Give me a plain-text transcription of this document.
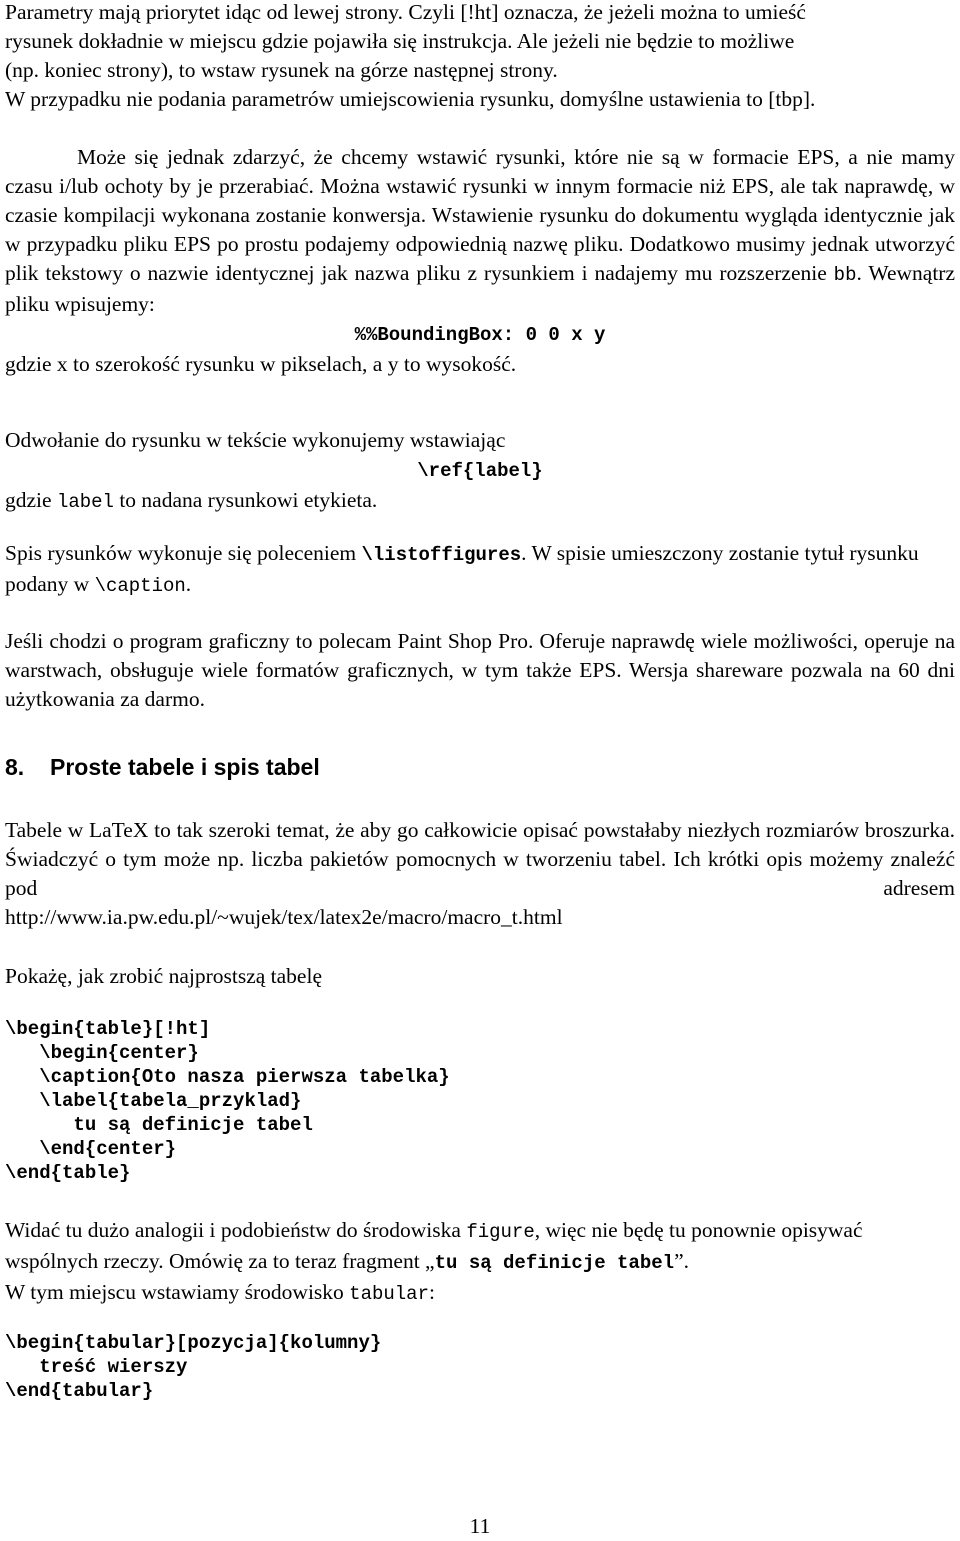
Parametry mają priorytet idąc od lewej strony. Czyli [!ht] oznacza, że jeżeli można to umieść

rysunek dokładnie w miejscu gdzie pojawiła się instrukcja. Ale jeżeli nie będzie to możliwe

(np. koniec strony), to wstaw rysunek na górze następnej strony.

W przypadku nie podania parametrów umiejscowienia rysunku, domyślne ustawienia to [tbp].

Może się jednak zdarzyć, że chcemy wstawić rysunki, które nie są w formacie EPS, a nie mamy czasu i/lub ochoty by je przerabiać. Można wstawić rysunki w innym formacie niż EPS, ale tak naprawdę, w czasie kompilacji wykonana zostanie konwersja. Wstawienie rysunku do dokumentu wygląda identycznie jak w przypadku pliku EPS po prostu podajemy odpowiednią nazwę pliku. Dodatkowo musimy jednak utworzyć plik tekstowy o nazwie identycznej jak nazwa pliku z rysunkiem i nadajemy mu rozszerzenie bb. Wewnątrz pliku wpisujemy:

%%BoundingBox: 0 0 x y

gdzie x to szerokość rysunku w pikselach, a y to wysokość.

Odwołanie do rysunku w tekście wykonujemy wstawiając

\ref{label}

gdzie label to nadana rysunkowi etykieta.

Spis rysunków wykonuje się poleceniem \listoffigures. W spisie umieszczony zostanie tytuł rysunku podany w \caption.

Jeśli chodzi o program graficzny to polecam Paint Shop Pro. Oferuje naprawdę wiele możliwości, operuje na warstwach, obsługuje wiele formatów graficznych, w tym także EPS. Wersja shareware pozwala na 60 dni użytkowania za darmo.

8. Proste tabele i spis tabel

Tabele w LaTeX to tak szeroki temat, że aby go całkowicie opisać powstałaby niezłych rozmiarów broszurka. Świadczyć o tym może np. liczba pakietów pomocnych w tworzeniu tabel. Ich krótki opis możemy znaleźć pod adresem

http://www.ia.pw.edu.pl/~wujek/tex/latex2e/macro/macro_t.html

Pokażę, jak zrobić najprostszą tabelę

\begin{table}[!ht]
\begin{center}
\caption{Oto nasza pierwsza tabelka}
\label{tabela_przyklad}
tu są definicje tabel
\end{center}
\end{table}

Widać tu dużo analogii i podobieństw do środowiska figure, więc nie będę tu ponownie opisywać wspólnych rzeczy. Omówię za to teraz fragment „tu są definicje tabel”.

W tym miejscu wstawiamy środowisko tabular:

\begin{tabular}[pozycja]{kolumny}
treść wierszy
\end{tabular}
11
